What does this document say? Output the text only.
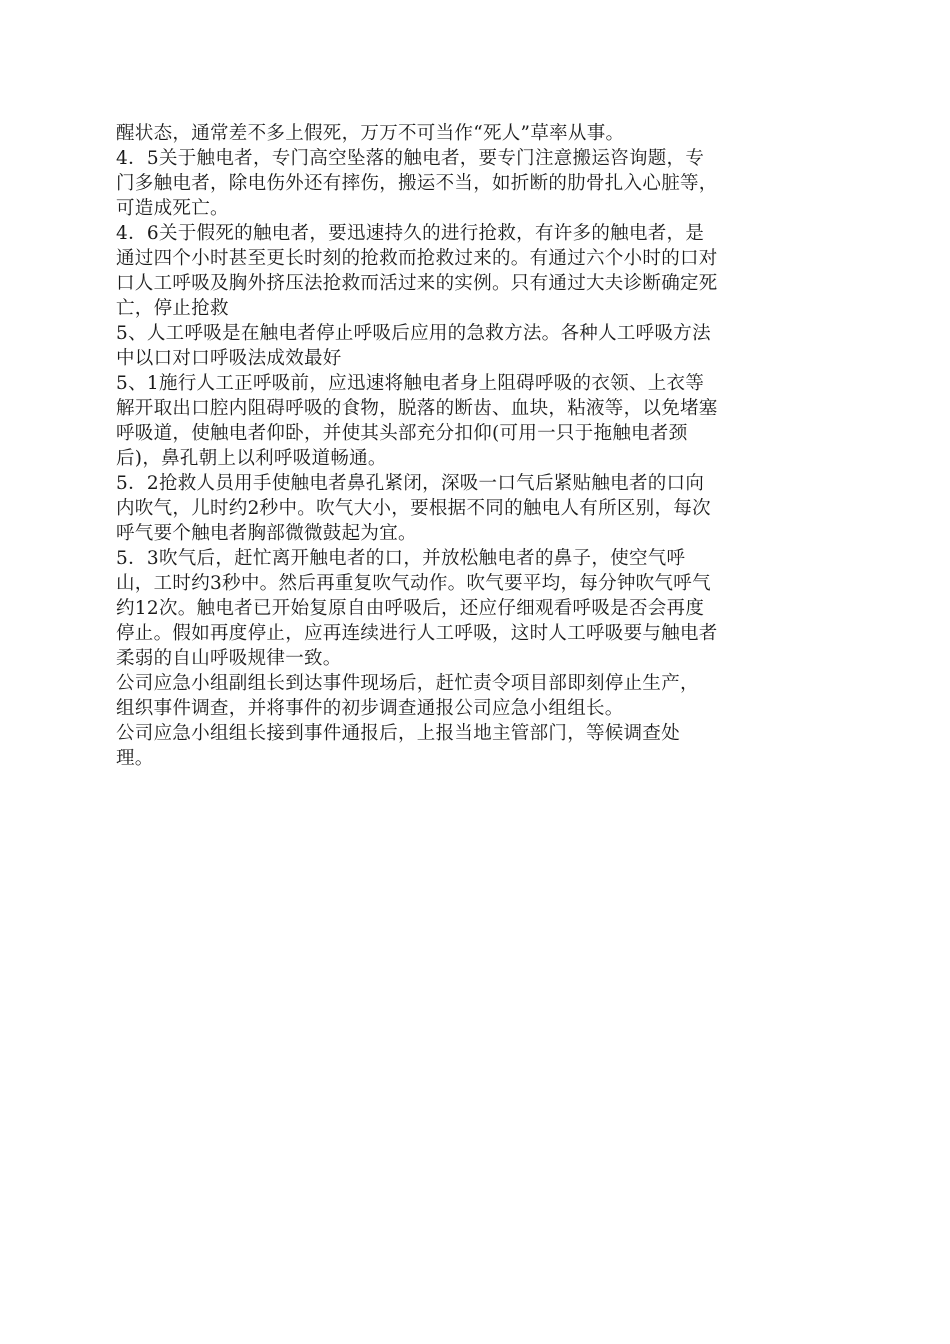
醒状态，通常差不多上假死，万万不可当作“死人”草率从事。
4．5关于触电者，专门高空坠落的触电者，要专门注意搬运咨询题，专
门多触电者，除电伤外还有摔伤，搬运不当，如折断的肋骨扎入心脏等，
可造成死亡。
4．6关于假死的触电者，要迅速持久的进行抢救，有许多的触电者，是
通过四个小时甚至更长时刻的抢救而抢救过来的。有通过六个小时的口对
口人工呼吸及胸外挤压法抢救而活过来的实例。只有通过大夫诊断确定死
亡，停止抢救
5、人工呼吸是在触电者停止呼吸后应用的急救方法。各种人工呼吸方法
中以口对口呼吸法成效最好
5、1施行人工正呼吸前，应迅速将触电者身上阻碍呼吸的衣领、上衣等
解开取出口腔内阻碍呼吸的食物，脱落的断齿、血块，粘液等，以免堵塞
呼吸道，使触电者仰卧，并使其头部充分扣仰(可用一只于拖触电者颈
后)，鼻孔朝上以利呼吸道畅通。
5．2抢救人员用手使触电者鼻孔紧闭，深吸一口气后紧贴触电者的口向
内吹气，儿时约2秒中。吹气大小，要根据不同的触电人有所区别，每次
呼气要个触电者胸部微微鼓起为宜。
5．3吹气后，赶忙离开触电者的口，并放松触电者的鼻子，使空气呼
山，工时约3秒中。然后再重复吹气动作。吹气要平均，每分钟吹气呼气
约12次。触电者已开始复原自由呼吸后，还应仔细观看呼吸是否会再度
停止。假如再度停止，应再连续进行人工呼吸，这时人工呼吸要与触电者
柔弱的自山呼吸规律一致。
公司应急小组副组长到达事件现场后，赶忙责令项目部即刻停止生产，
组织事件调查，并将事件的初步调查通报公司应急小组组长。
公司应急小组组长接到事件通报后，上报当地主管部门，等候调查处
理。
